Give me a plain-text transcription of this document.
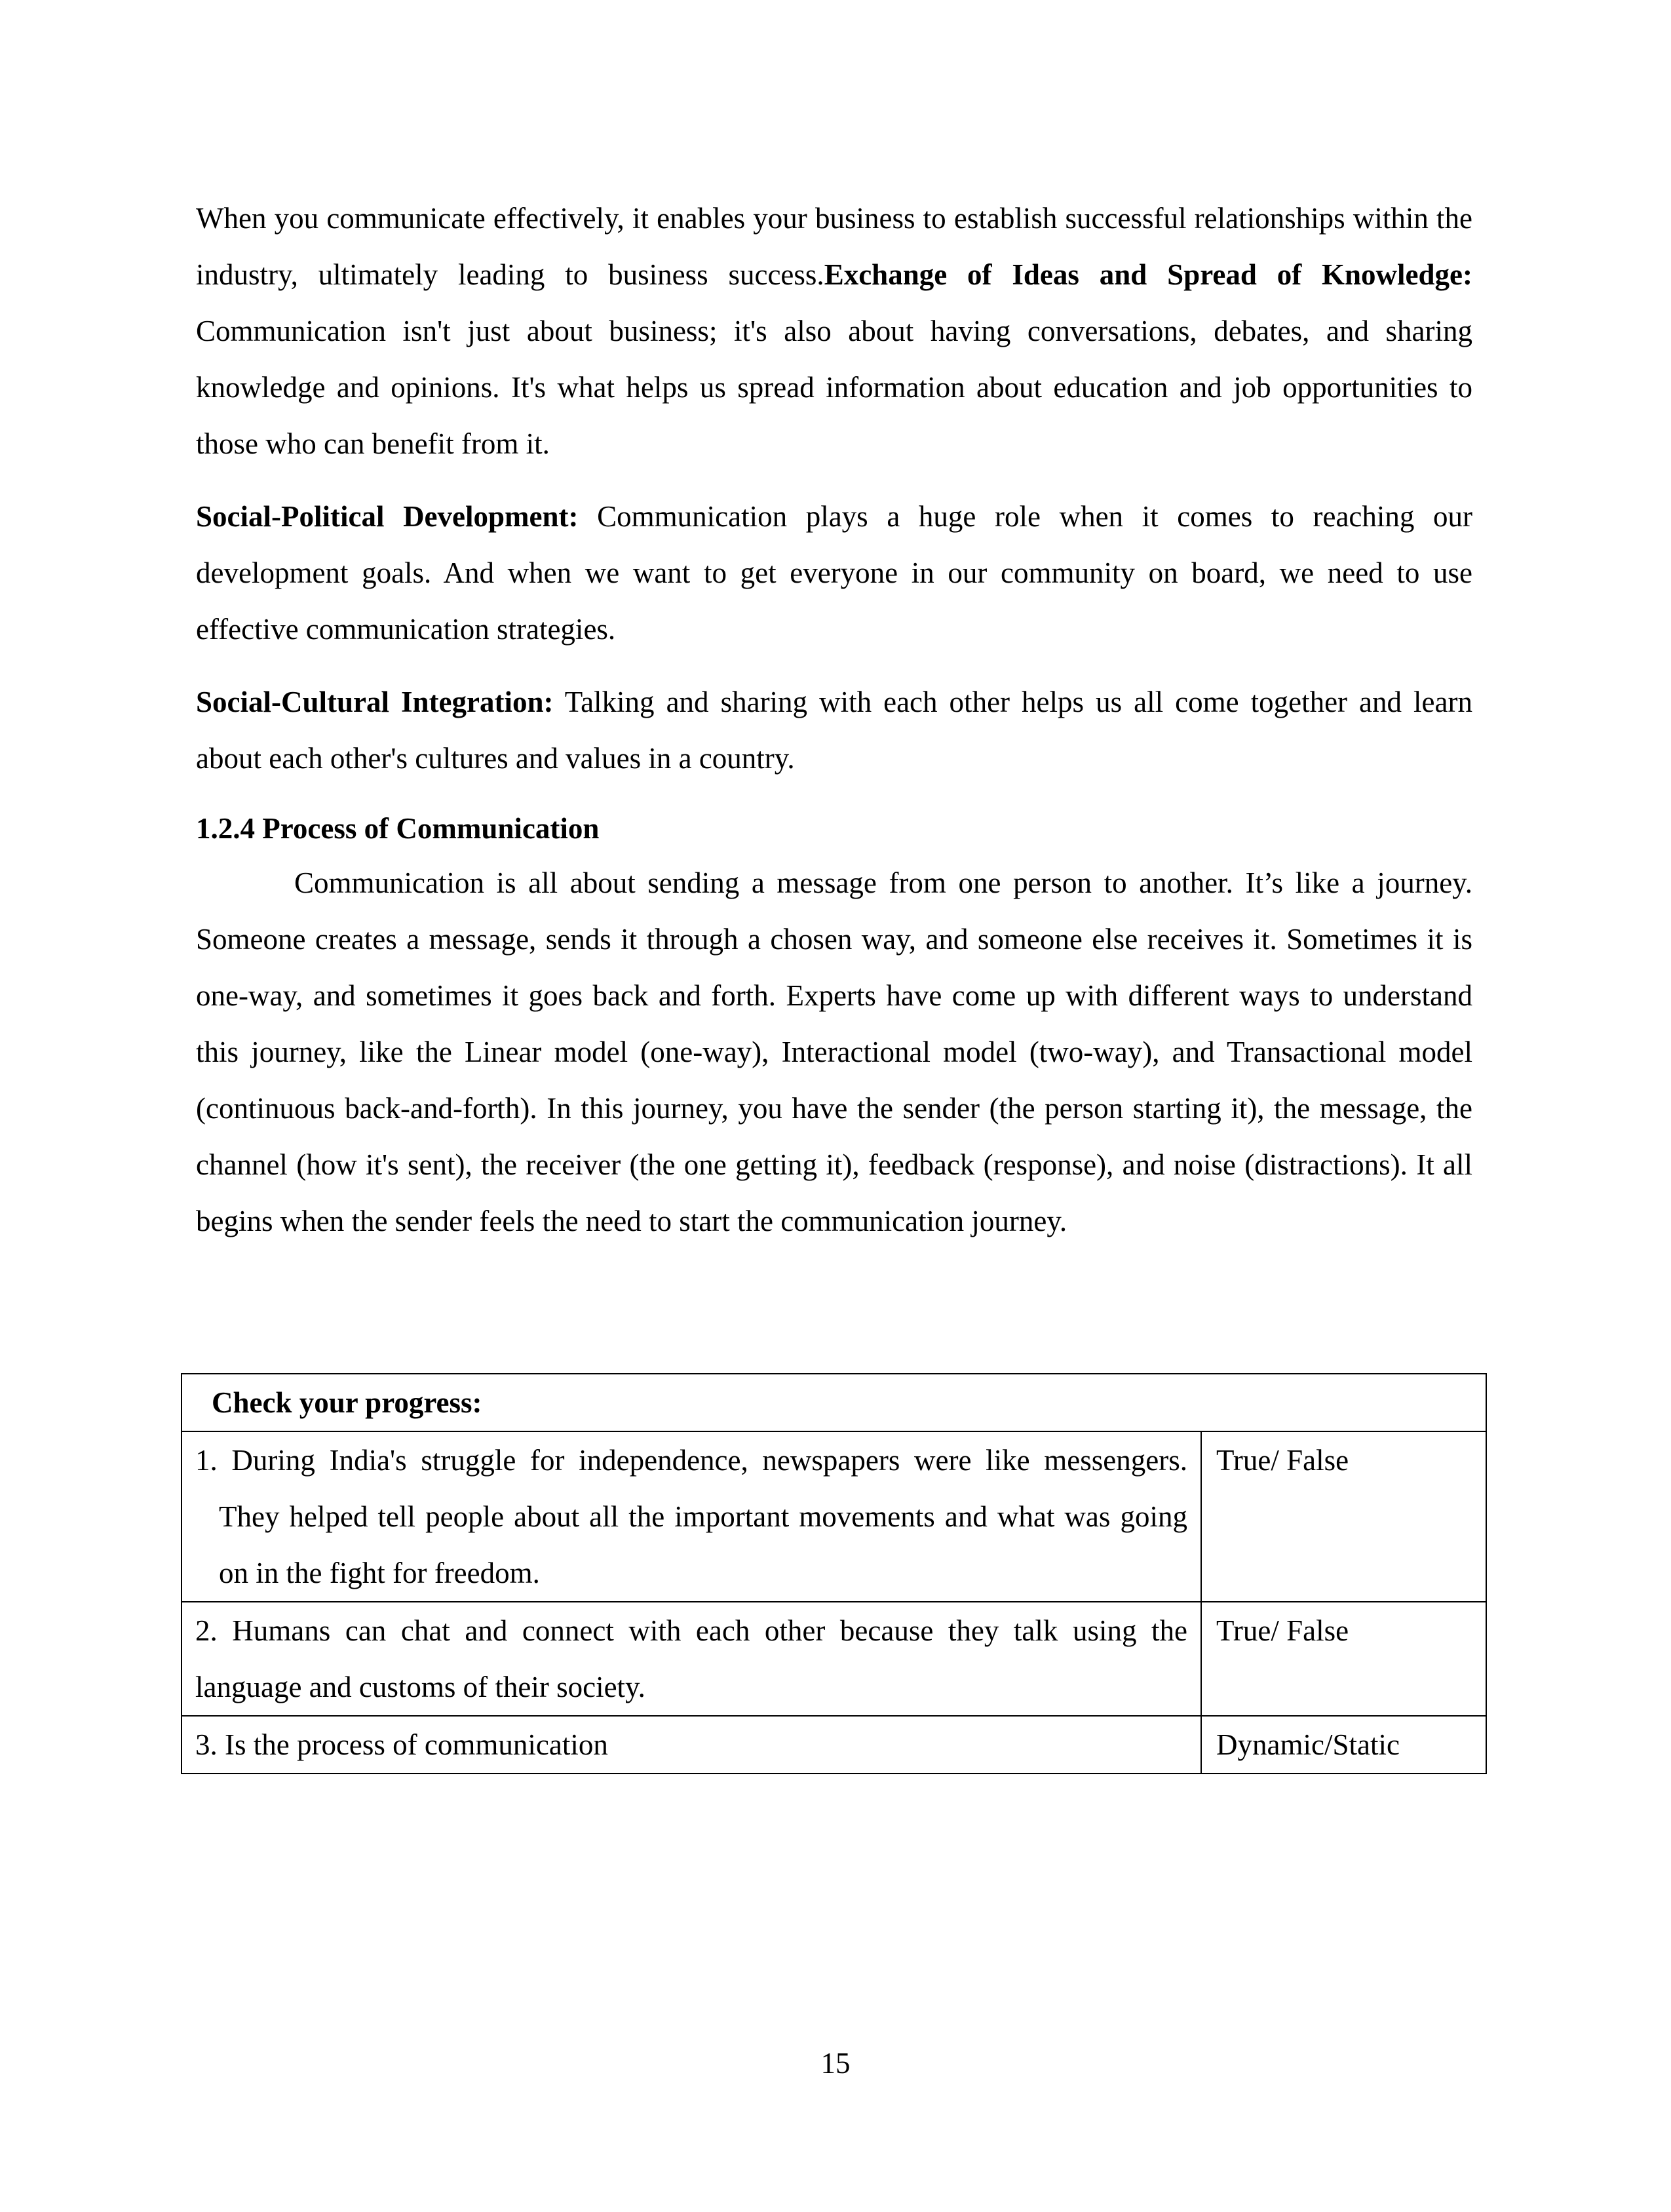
When you communicate effectively, it enables your business to establish successful relationships within the industry, ultimately leading to business success.Exchange of Ideas and Spread of Knowledge: Communication isn't just about business; it's also about having conversations, debates, and sharing knowledge and opinions. It's what helps us spread information about education and job opportunities to those who can benefit from it.

Social-Political Development: Communication plays a huge role when it comes to reaching our development goals. And when we want to get everyone in our community on board, we need to use effective communication strategies.

Social-Cultural Integration: Talking and sharing with each other helps us all come together and learn about each other's cultures and values in a country.

1.2.4 Process of Communication

Communication is all about sending a message from one person to another. It’s like a journey. Someone creates a message, sends it through a chosen way, and someone else receives it. Sometimes it is one-way, and sometimes it goes back and forth. Experts have come up with different ways to understand this journey, like the Linear model (one-way), Interactional model (two-way), and Transactional model (continuous back-and-forth). In this journey, you have the sender (the person starting it), the message, the channel (how it's sent), the receiver (the one getting it), feedback (response), and noise (distractions). It all begins when the sender feels the need to start the communication journey.

Check your progress:	
1. During India's struggle for independence, newspapers were like messengers. They helped tell people about all the important movements and what was going on in the fight for freedom.	True/ False
2. Humans can chat and connect with each other because they talk using the language and customs of their society.	True/ False
3. Is the process of communication	Dynamic/Static
15
